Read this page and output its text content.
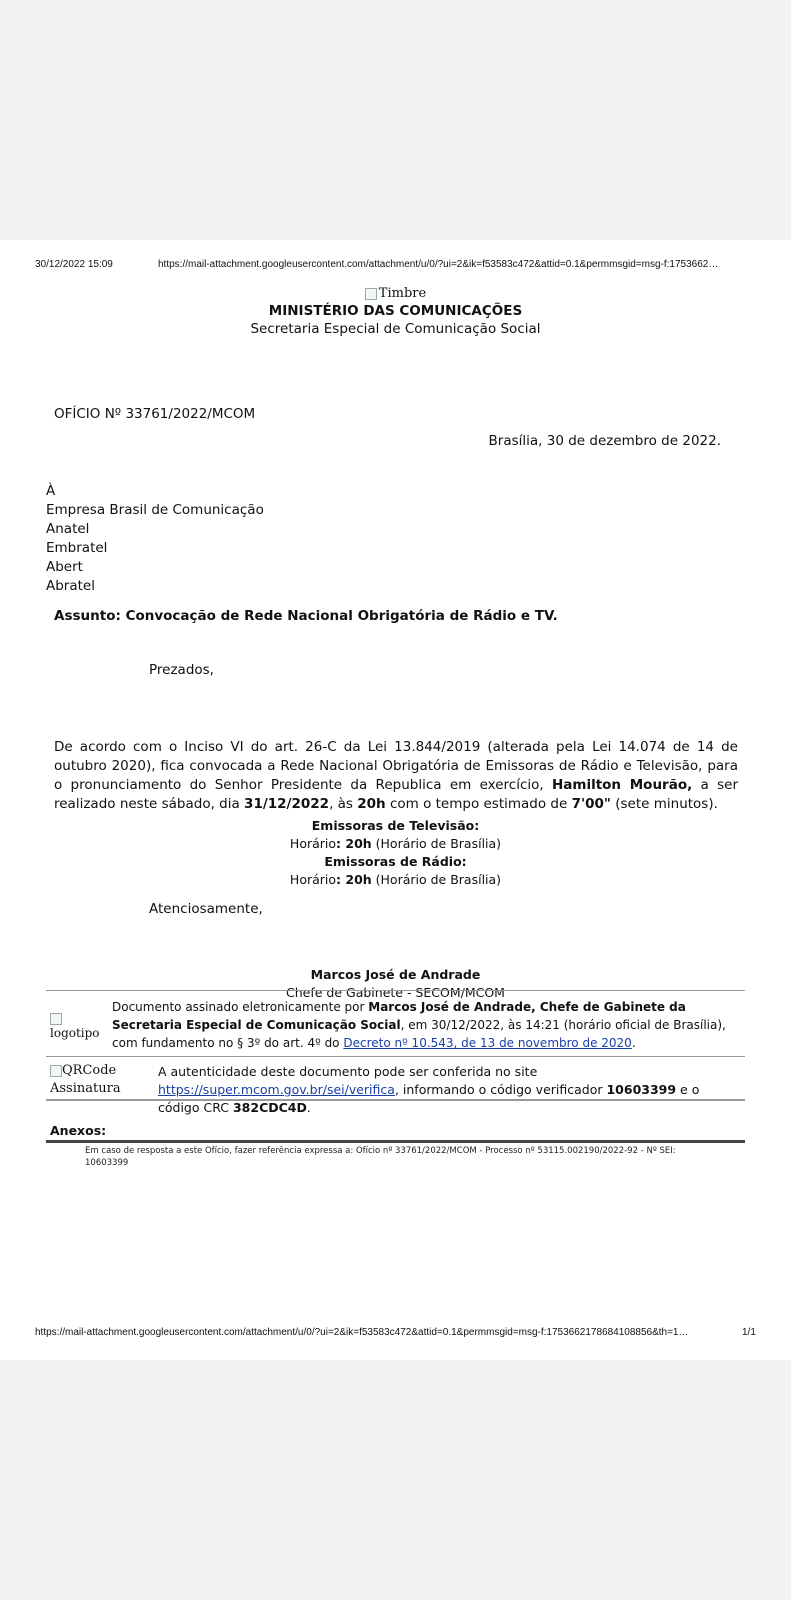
30/12/2022 15:09	https://mail-attachment.googleusercontent.com/attachment/u/0/?ui=2&ik=f53583c472&attid=0.1&permmsgid=msg-f:1753662…
Timbre
MINISTÉRIO DAS COMUNICAÇÕES
Secretaria Especial de Comunicação Social
OFÍCIO Nº 33761/2022/MCOM
Brasília, 30 de dezembro de 2022.
À
Empresa Brasil de Comunicação
Anatel
Embratel
Abert
Abratel
Assunto: Convocação de Rede Nacional Obrigatória de Rádio e TV.
Prezados,
De acordo com o Inciso VI do art. 26-C da Lei 13.844/2019 (alterada pela Lei 14.074 de 14 de outubro 2020), fica convocada a Rede Nacional Obrigatória de Emissoras de Rádio e Televisão, para o pronunciamento do Senhor Presidente da Republica em exercício, Hamilton Mourão, a ser realizado neste sábado, dia 31/12/2022, às 20h com o tempo estimado de 7'00" (sete minutos).
Emissoras de Televisão:
Horário: 20h (Horário de Brasília)
Emissoras de Rádio:
Horário: 20h (Horário de Brasília)
Atenciosamente,
Marcos José de Andrade
Chefe de Gabinete - SECOM/MCOM

logotipo
Documento assinado eletronicamente por Marcos José de Andrade, Chefe de Gabinete da Secretaria Especial de Comunicação Social, em 30/12/2022, às 14:21 (horário oficial de Brasília), com fundamento no § 3º do art. 4º do Decreto nº 10.543, de 13 de novembro de 2020.
QRCode
Assinatura
A autenticidade deste documento pode ser conferida no site https://super.mcom.gov.br/sei/verifica, informando o código verificador 10603399 e o código CRC 382CDC4D.
Anexos:
Em caso de resposta a este Ofício, fazer referência expressa a: Ofício nº 33761/2022/MCOM - Processo nº 53115.002190/2022-92 - Nº SEI: 10603399
https://mail-attachment.googleusercontent.com/attachment/u/0/?ui=2&ik=f53583c472&attid=0.1&permmsgid=msg-f:1753662178684108856&th=1…	1/1
